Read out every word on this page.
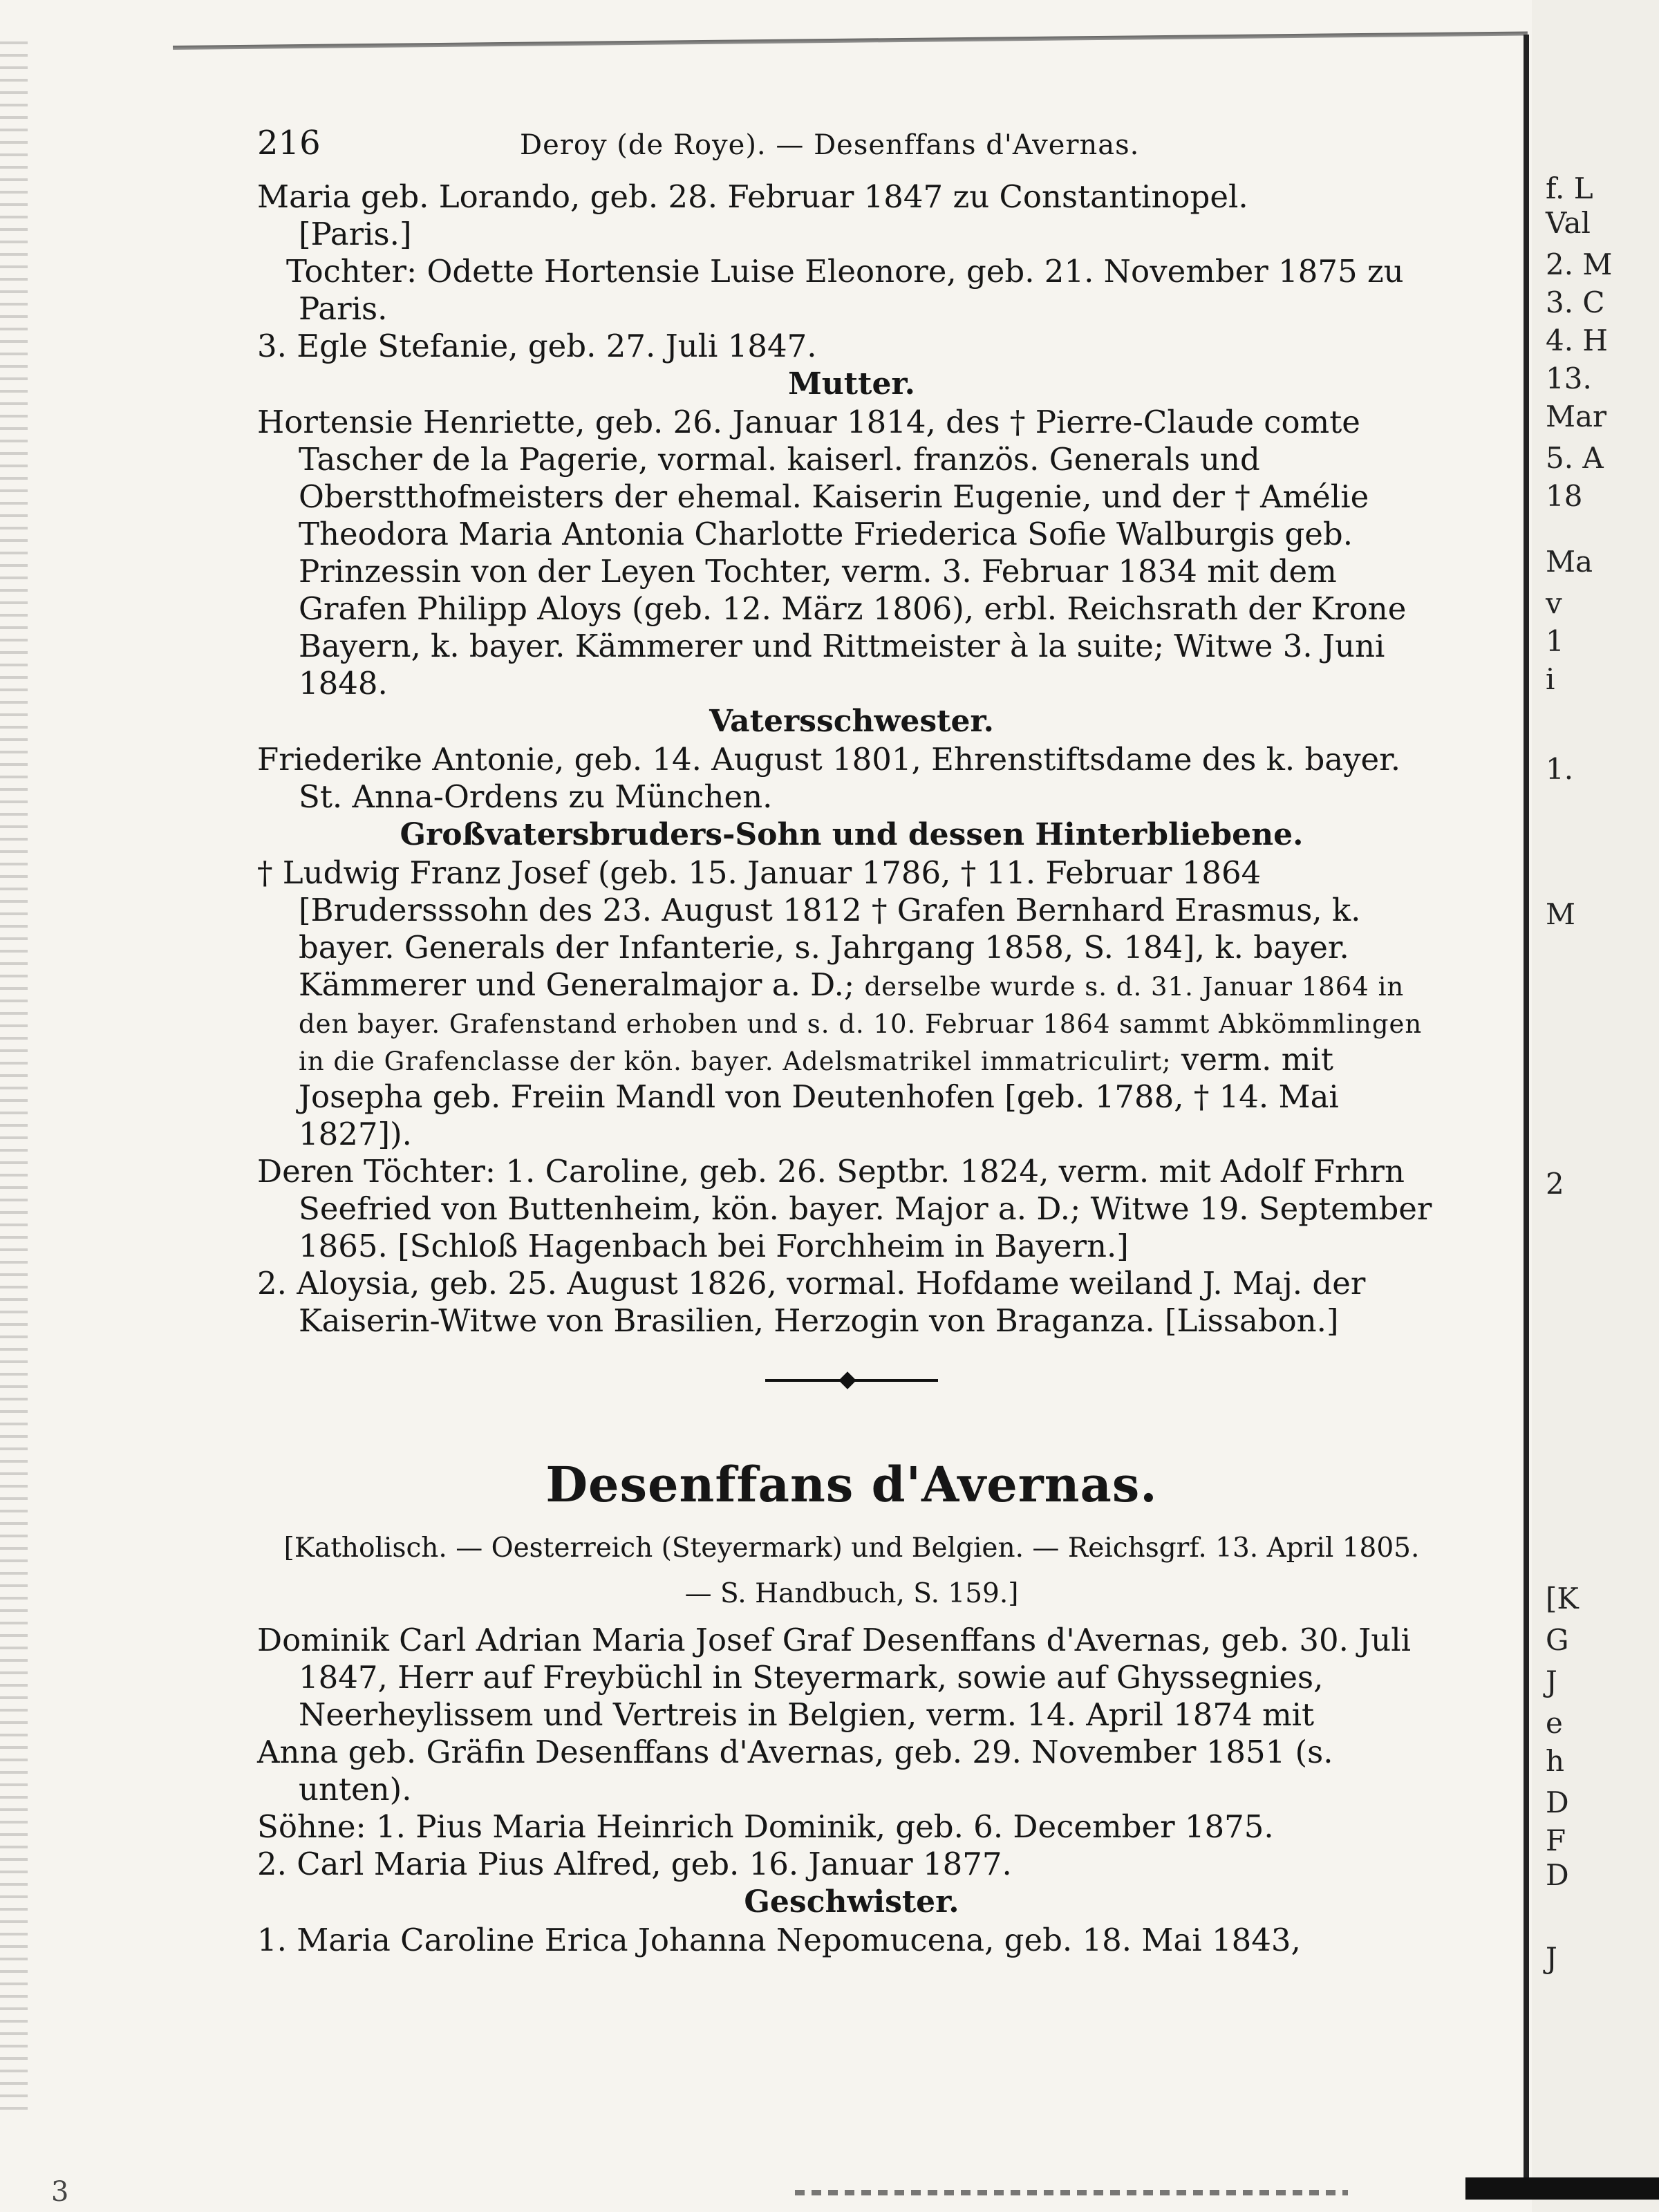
216	Deroy (de Roye). — Desenffans d'Avernas.

Maria geb. Lorando, geb. 28. Februar 1847 zu Constantinopel.

[Paris.]

Tochter: Odette Hortensie Luise Eleonore, geb. 21. November 1875 zu Paris.

3. Egle Stefanie, geb. 27. Juli 1847.

Mutter.

Hortensie Henriette, geb. 26. Januar 1814, des † Pierre-Claude comte Tascher de la Pagerie, vormal. kaiserl. französ. Generals und Oberstthofmeisters der ehemal. Kaiserin Eugenie, und der † Amélie Theodora Maria Antonia Charlotte Friederica Sofie Walburgis geb. Prinzessin von der Leyen Tochter, verm. 3. Februar 1834 mit dem Grafen Philipp Aloys (geb. 12. März 1806), erbl. Reichsrath der Krone Bayern, k. bayer. Kämmerer und Rittmeister à la suite; Witwe 3. Juni 1848.

Vatersschwester.

Friederike Antonie, geb. 14. August 1801, Ehrenstiftsdame des k. bayer. St. Anna-Ordens zu München.

Großvatersbruders-Sohn und dessen Hinterbliebene.

† Ludwig Franz Josef (geb. 15. Januar 1786, † 11. Februar 1864 [Brudersssohn des 23. August 1812 † Grafen Bernhard Erasmus, k. bayer. Generals der Infanterie, s. Jahrgang 1858, S. 184], k. bayer. Kämmerer und Generalmajor a. D.; derselbe wurde s. d. 31. Januar 1864 in den bayer. Grafenstand erhoben und s. d. 10. Februar 1864 sammt Abkömmlingen in die Grafenclasse der kön. bayer. Adelsmatrikel immatriculirt; verm. mit Josepha geb. Freiin Mandl von Deutenhofen [geb. 1788, † 14. Mai 1827]).

Deren Töchter: 1. Caroline, geb. 26. Septbr. 1824, verm. mit Adolf Frhrn Seefried von Buttenheim, kön. bayer. Major a. D.; Witwe 19. September 1865. [Schloß Hagenbach bei Forchheim in Bayern.]

2. Aloysia, geb. 25. August 1826, vormal. Hofdame weiland J. Maj. der Kaiserin-Witwe von Brasilien, Herzogin von Braganza. [Lissabon.]

Desenffans d'Avernas.
[Katholisch. — Oesterreich (Steyermark) und Belgien. — Reichsgrf. 13. April 1805.
— S. Handbuch, S. 159.]

Dominik Carl Adrian Maria Josef Graf Desenffans d'Avernas, geb. 30. Juli 1847, Herr auf Freybüchl in Steyermark, sowie auf Ghyssegnies, Neerheylissem und Vertreis in Belgien, verm. 14. April 1874 mit

Anna geb. Gräfin Desenffans d'Avernas, geb. 29. November 1851 (s. unten).

Söhne: 1. Pius Maria Heinrich Dominik, geb. 6. December 1875.

2. Carl Maria Pius Alfred, geb. 16. Januar 1877.

Geschwister.

1. Maria Caroline Erica Johanna Nepomucena, geb. 18. Mai 1843,

f. L
Val
2. M
3. C
4. H
13.
Mar
5. A
18
Ma
v
1
i
1.
M
2
[K
G
J
e
h
D
F
D
J
3
